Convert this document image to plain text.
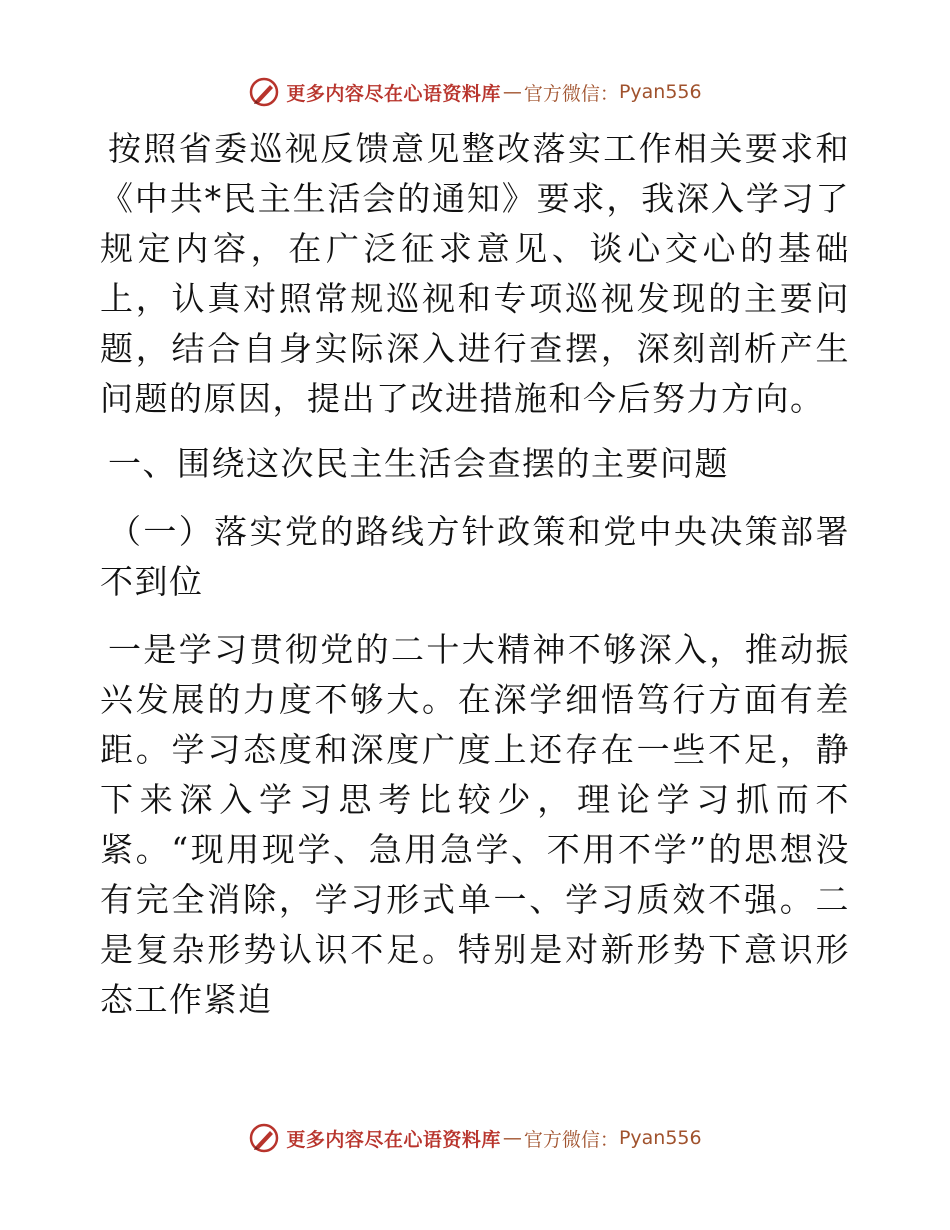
更多内容尽在心语资料库 — 官方微信： Pyan556

按照省委巡视反馈意见整改落实工作相关要求和《中共*民主生活会的通知》要求，我深入学习了规定内容，在广泛征求意见、谈心交心的基础上，认真对照常规巡视和专项巡视发现的主要问题，结合自身实际深入进行查摆，深刻剖析产生问题的原因，提出了改进措施和今后努力方向。

一、围绕这次民主生活会查摆的主要问题

（一）落实党的路线方针政策和党中央决策部署不到位

一是学习贯彻党的二十大精神不够深入，推动振兴发展的力度不够大。在深学细悟笃行方面有差距。学习态度和深度广度上还存在一些不足，静下来深入学习思考比较少，理论学习抓而不紧。“现用现学、急用急学、不用不学”的思想没有完全消除，学习形式单一、学习质效不强。二是复杂形势认识不足。特别是对新形势下意识形态工作紧迫

更多内容尽在心语资料库 — 官方微信： Pyan556
